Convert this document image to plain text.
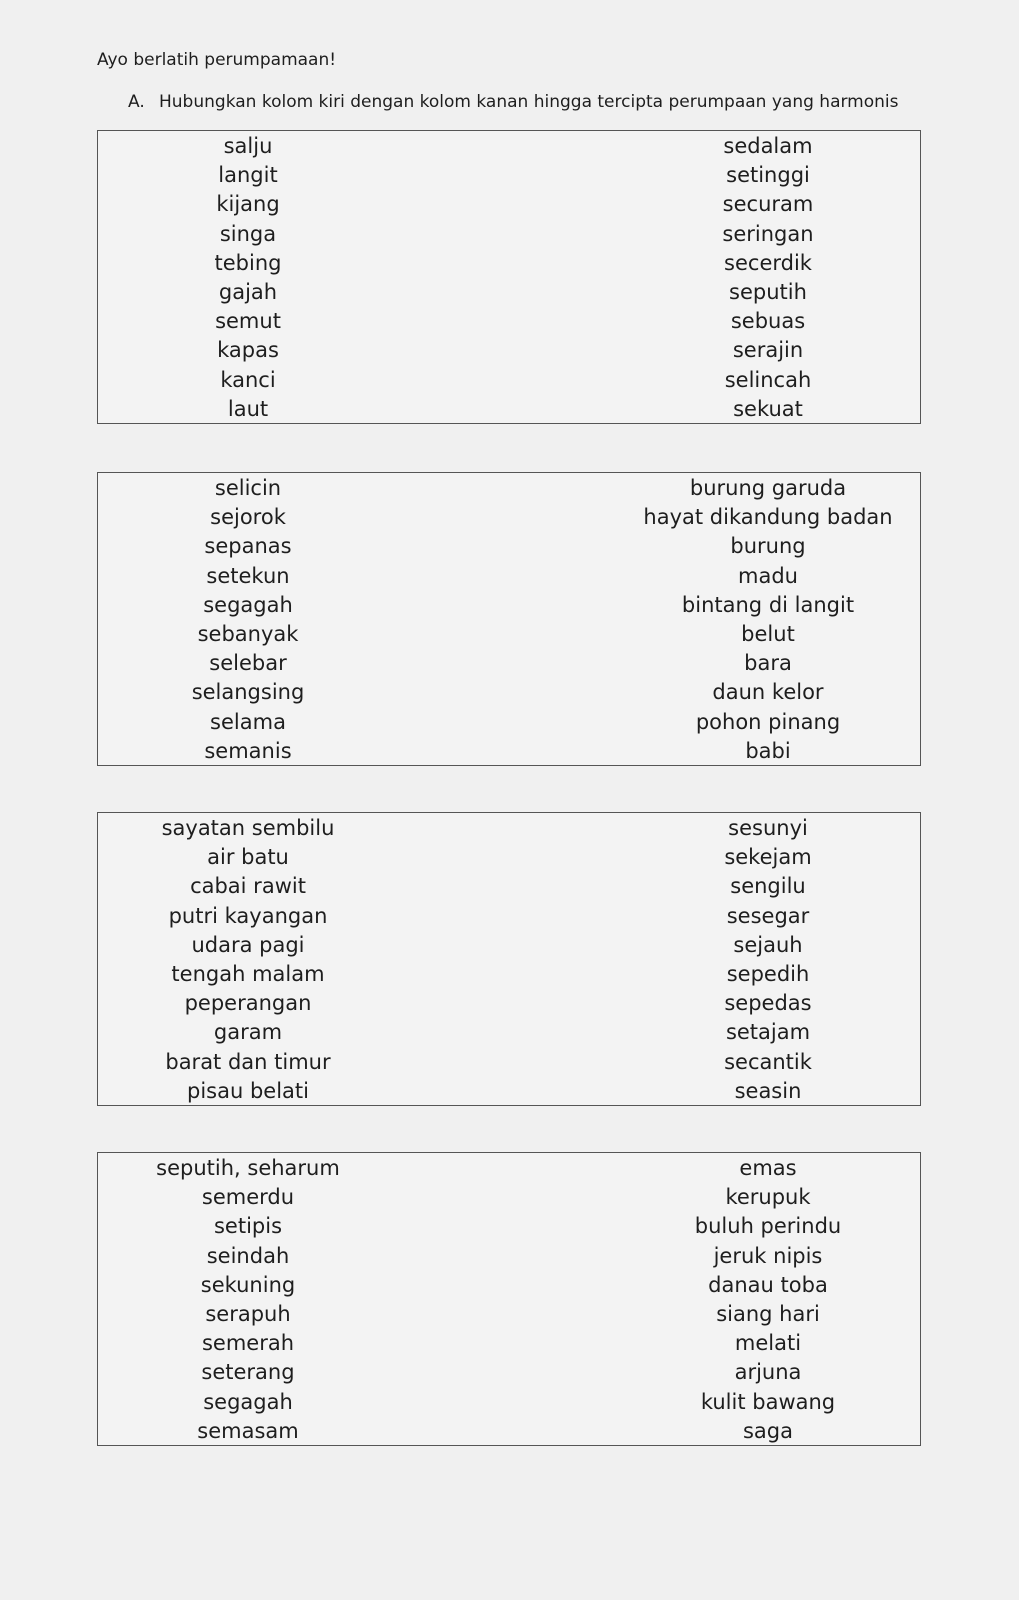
Ayo berlatih perumpamaan!
A. Hubungkan kolom kiri dengan kolom kanan hingga tercipta perumpaan yang harmonis
salju
langit
kijang
singa
tebing
gajah
semut
kapas
kanci
laut
sedalam
setinggi
securam
seringan
secerdik
seputih
sebuas
serajin
selincah
sekuat
selicin
sejorok
sepanas
setekun
segagah
sebanyak
selebar
selangsing
selama
semanis
burung garuda
hayat dikandung badan
burung
madu
bintang di langit
belut
bara
daun kelor
pohon pinang
babi
sayatan sembilu
air batu
cabai rawit
putri kayangan
udara pagi
tengah malam
peperangan
garam
barat dan timur
pisau belati
sesunyi
sekejam
sengilu
sesegar
sejauh
sepedih
sepedas
setajam
secantik
seasin
seputih, seharum
semerdu
setipis
seindah
sekuning
serapuh
semerah
seterang
segagah
semasam
emas
kerupuk
buluh perindu
jeruk nipis
danau toba
siang hari
melati
arjuna
kulit bawang
saga
